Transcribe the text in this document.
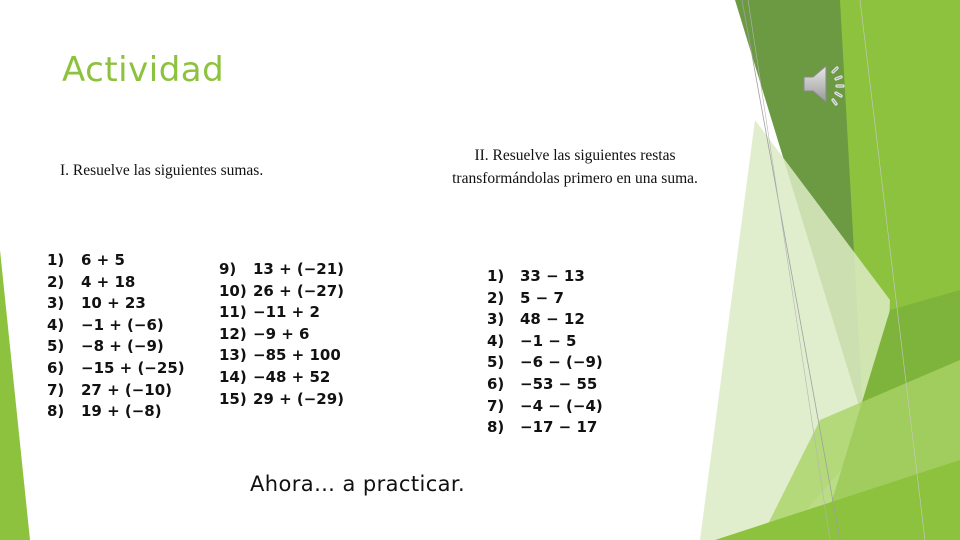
Actividad

I. Resuelve las siguientes sumas.

II. Resuelve las siguientes restas transformándolas primero en una suma.

1) 6 + 5
2) 4 + 18
3) 10 + 23
4) −1 + (−6)
5) −8 + (−9)
6) −15 + (−25)
7) 27 + (−10)
8) 19 + (−8)
9) 13 + (−21)
10) 26 + (−27)
11) −11 + 2
12) −9 + 6
13) −85 + 100
14) −48 + 52
15) 29 + (−29)
1) 33 − 13
2) 5 − 7
3) 48 − 12
4) −1 − 5
5) −6 − (−9)
6) −53 − 55
7) −4 − (−4)
8) −17 − 17

Ahora… a practicar.
